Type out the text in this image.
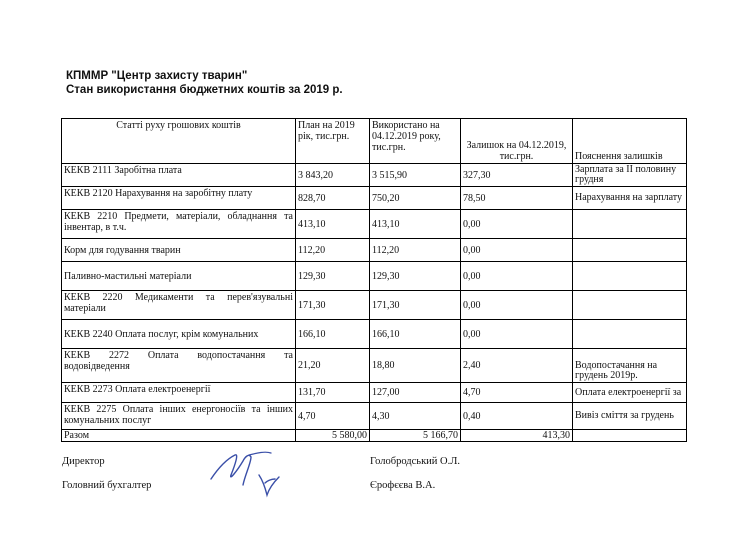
КПММР "Центр захисту тварин"
Стан використання бюджетних коштів за 2019 р.
Статті руху грошових коштів	План на 2019 рік, тис.грн.	Використано на 04.12.2019 року, тис.грн.	Залишок на 04.12.2019, тис.грн.	Пояснення залишків
КЕКВ 2111 Заробітна плата	3 843,20	3 515,90	327,30	Зарплата за ІІ половину грудня
КЕКВ 2120 Нарахування на заробітну плату	828,70	750,20	78,50	Нарахування на зарплату
КЕКВ 2210 Предмети, матеріали, обладнання та інвентар, в т.ч.	413,10	413,10	0,00	
Корм для годування тварин	112,20	112,20	0,00	
Паливно-мастильні матеріали	129,30	129,30	0,00	
КЕКВ 2220 Медикаменти та перев'язувальні матеріали	171,30	171,30	0,00	
КЕКВ 2240 Оплата послуг, крім комунальних	166,10	166,10	0,00	
КЕКВ 2272 Оплата водопостачання та водовідведення	21,20	18,80	2,40	Водопостачання на грудень 2019р.
КЕКВ 2273 Оплата електроенергії	131,70	127,00	4,70	Оплата електроенергії за
КЕКВ 2275 Оплата інших енергоносіїв та інших комунальних послуг	4,70	4,30	0,40	Вивіз сміття за грудень
Разом	5 580,00	5 166,70	413,30	
Директор	Голобродський О.Л.
Головний бухгалтер	Єрофєєва В.А.
